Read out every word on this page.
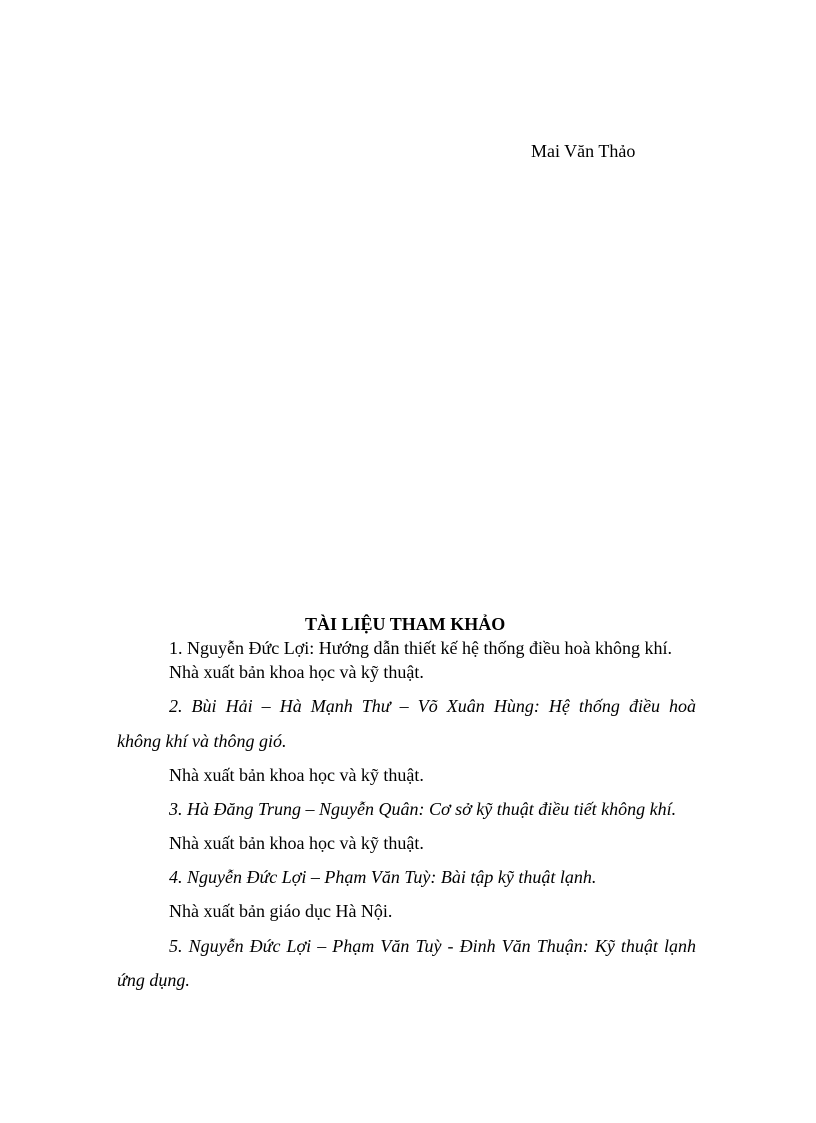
Mai Văn Thảo
TÀI LIỆU THAM KHẢO
1. Nguyễn Đức Lợi: Hướng dẫn thiết kế hệ thống điều hoà không khí.
Nhà xuất bản khoa học và kỹ thuật.
2. Bùi Hải – Hà Mạnh Thư – Võ Xuân Hùng: Hệ thống điều hoà
không khí và thông gió.
Nhà xuất bản khoa học và kỹ thuật.
3. Hà Đăng Trung – Nguyễn Quân: Cơ sở kỹ thuật điều tiết không khí.
Nhà xuất bản khoa học và kỹ thuật.
4. Nguyễn Đức Lợi – Phạm Văn Tuỳ: Bài tập kỹ thuật lạnh.
Nhà xuất bản giáo dục Hà Nội.
5. Nguyễn Đức Lợi – Phạm Văn Tuỳ - Đinh Văn Thuận: Kỹ thuật lạnh
ứng dụng.
